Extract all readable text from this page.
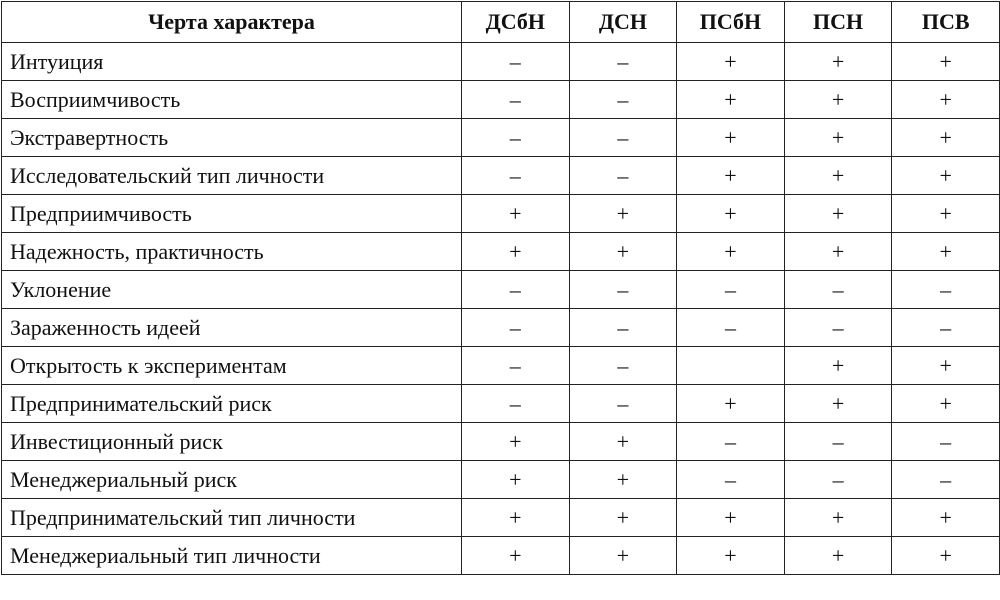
Черта характера	ДСбН	ДСН	ПСбН	ПСН	ПСВ
Интуиция	–	–	+	+	+
Восприимчивость	–	–	+	+	+
Экстравертность	–	–	+	+	+
Исследовательский тип личности	–	–	+	+	+
Предприимчивость	+	+	+	+	+
Надежность, практичность	+	+	+	+	+
Уклонение	–	–	–	–	–
Зараженность идеей	–	–	–	–	–
Открытость к экспериментам	–	–		+	+
Предпринимательский риск	–	–	+	+	+
Инвестиционный риск	+	+	–	–	–
Менеджериальный риск	+	+	–	–	–
Предпринимательский тип личности	+	+	+	+	+
Менеджериальный тип личности	+	+	+	+	+
